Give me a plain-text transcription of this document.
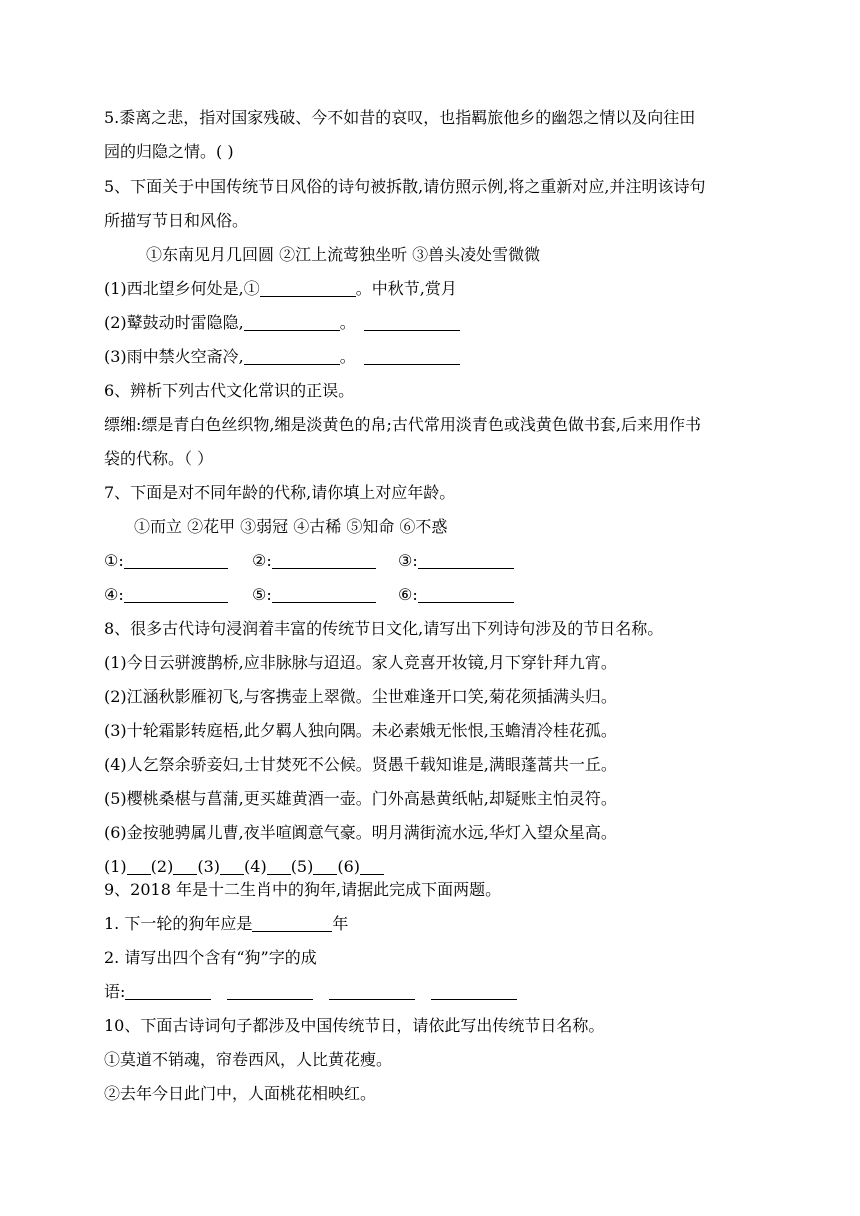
5.黍离之悲，指对国家残破、今不如昔的哀叹，也指羁旅他乡的幽怨之情以及向往田
园的归隐之情。( )
5、下面关于中国传统节日风俗的诗句被拆散,请仿照示例,将之重新对应,并注明该诗句
所描写节日和风俗。
①东南见月几回圆 ②江上流莺独坐听 ③兽头凌处雪微微
(1)西北望乡何处是,①	。中秋节,赏月
(2)鼙鼓动时雷隐隐,	。
(3)雨中禁火空斋冷,	。
6、辨析下列古代文化常识的正误。
缥缃:缥是青白色丝织物,缃是淡黄色的帛;古代常用淡青色或浅黄色做书套,后来用作书
袋的代称。（ ）
7、下面是对不同年龄的代称,请你填上对应年龄。
①而立 ②花甲 ③弱冠 ④古稀 ⑤知命 ⑥不惑
①:	②:	③:
④:	⑤:	⑥:
8、很多古代诗句浸润着丰富的传统节日文化,请写出下列诗句涉及的节日名称。
(1)今日云骈渡鹊桥,应非脉脉与迢迢。家人竞喜开妆镜,月下穿针拜九宵。
(2)江涵秋影雁初飞,与客携壶上翠微。尘世难逢开口笑,菊花须插满头归。
(3)十轮霜影转庭梧,此夕羁人独向隅。未必素娥无怅恨,玉蟾清冷桂花孤。
(4)人乞祭余骄妾妇,士甘焚死不公候。贤愚千载知谁是,满眼蓬蒿共一丘。
(5)樱桃桑椹与菖蒲,更买雄黄酒一壶。门外高悬黄纸帖,却疑账主怕灵符。
(6)金按驰骋属儿曹,夜半喧阗意气豪。明月满街流水远,华灯入望众星高。
(1) (2) (3) (4) (5) (6)
9、2018 年是十二生肖中的狗年,请据此完成下面两题。
1. 下一轮的狗年应是	年
2. 请写出四个含有“狗”字的成
语:
10、下面古诗词句子都涉及中国传统节日，请依此写出传统节日名称。
①莫道不销魂，帘卷西风，人比黄花瘦。
②去年今日此门中，人面桃花相映红。
